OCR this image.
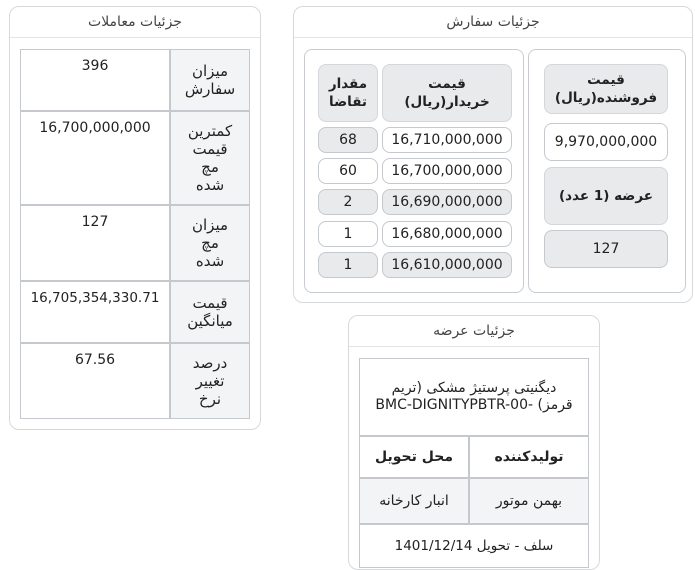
جزئیات سفارش
قیمت فروشنده(ریال)
9,970,000,000
عرضه (1 عدد)
127
قیمت خریدار(ریال)
مقدار تقاضا
16,710,000,000
68
16,700,000,000
60
16,690,000,000
2
16,680,000,000
1
16,610,000,000
1
جزئیات معاملات
میزان سفارش
396
کمترین قیمت مچ شده
16,700,000,000
میزان مچ شده
127
قیمت میانگین
16,705,354,330.71
درصد تغییر نرخ
67.56
جزئیات عرضه
دیگنیتی پرستیژ مشکی (تریم قرمز) -BMC-DIGNITYPBTR-00
تولیدکننده
محل تحویل
بهمن موتور
انبار کارخانه
سلف - تحویل 1401/12/14
